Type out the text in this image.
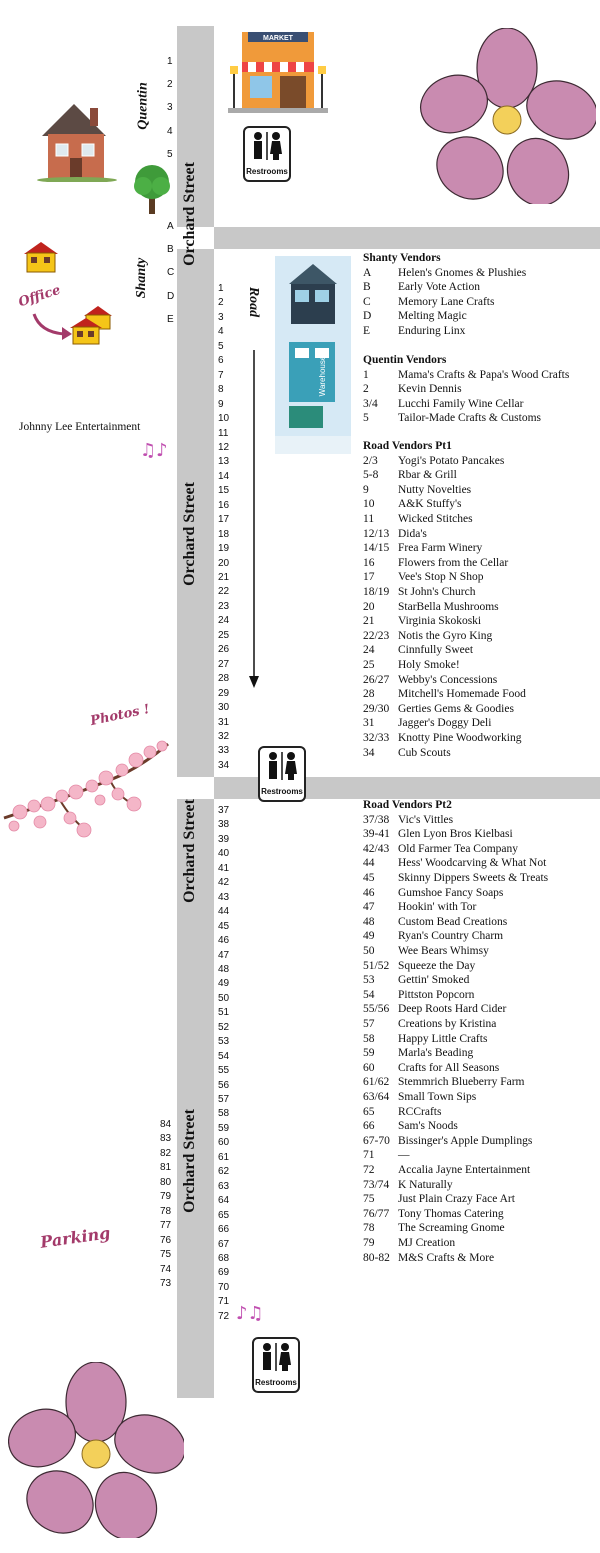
Orchard Street
Orchard Street
Orchard Street
Orchard Street
MARKET
Restrooms
Quentin
1
2
3
4
5
Shanty
A
B
C
D
E
Office
Johnny Lee Entertainment
♫♪
Road
Warehouse
1
2
3
4
5
6
7
8
9
10
11
12
13
14
15
16
17
18
19
20
21
22
23
24
25
26
27
28
29
30
31
32
33
34
37
38
39
40
41
42
43
44
45
46
47
48
49
50
51
52
53
54
55
56
57
58
59
60
61
62
63
64
65
66
67
68
69
70
71
72
84
83
82
81
80
79
78
77
76
75
74
73
Restrooms
Restrooms
♪♫
Photos !
Parking
Shanty Vendors
A Helen's Gnomes & Plushies
B Early Vote Action
C Memory Lane Crafts
D Melting Magic
E Enduring Linx
Quentin Vendors
1	Mama's Crafts & Papa's Wood Crafts
2	Kevin Dennis
3/4 Lucchi Family Wine Cellar
5	Tailor-Made Crafts & Customs
Road Vendors Pt1
2/3 Yogi's Potato Pancakes
5-8 Rbar & Grill
9	Nutty Novelties
10 A&K Stuffy's
11 Wicked Stitches
12/13 Dida's
14/15 Frea Farm Winery
16 Flowers from the Cellar
17 Vee's Stop N Shop
18/19 St John's Church
20 StarBella Mushrooms
21 Virginia Skokoski
22/23 Notis the Gyro King
24 Cinnfully Sweet
25 Holy Smoke!
26/27 Webby's Concessions
28 Mitchell's Homemade Food
29/30 Gerties Gems & Goodies
31 Jagger's Doggy Deli
32/33 Knotty Pine Woodworking
34 Cub Scouts
Road Vendors Pt2
37/38 Vic's Vittles
39-41 Glen Lyon Bros Kielbasi
42/43 Old Farmer Tea Company
44 Hess' Woodcarving & What Not
45 Skinny Dippers Sweets & Treats
46 Gumshoe Fancy Soaps
47 Hookin' with Tor
48 Custom Bead Creations
49 Ryan's Country Charm
50 Wee Bears Whimsy
51/52 Squeeze the Day
53 Gettin' Smoked
54 Pittston Popcorn
55/56 Deep Roots Hard Cider
57 Creations by Kristina
58 Happy Little Crafts
59 Marla's Beading
60 Crafts for All Seasons
61/62 Stemmrich Blueberry Farm
63/64 Small Town Sips
65 RCCrafts
66 Sam's Noods
67-70 Bissinger's Apple Dumplings
71 —
72 Accalia Jayne Entertainment
73/74 K Naturally
75 Just Plain Crazy Face Art
76/77 Tony Thomas Catering
78 The Screaming Gnome
79 MJ Creation
80-82 M&S Crafts & More
